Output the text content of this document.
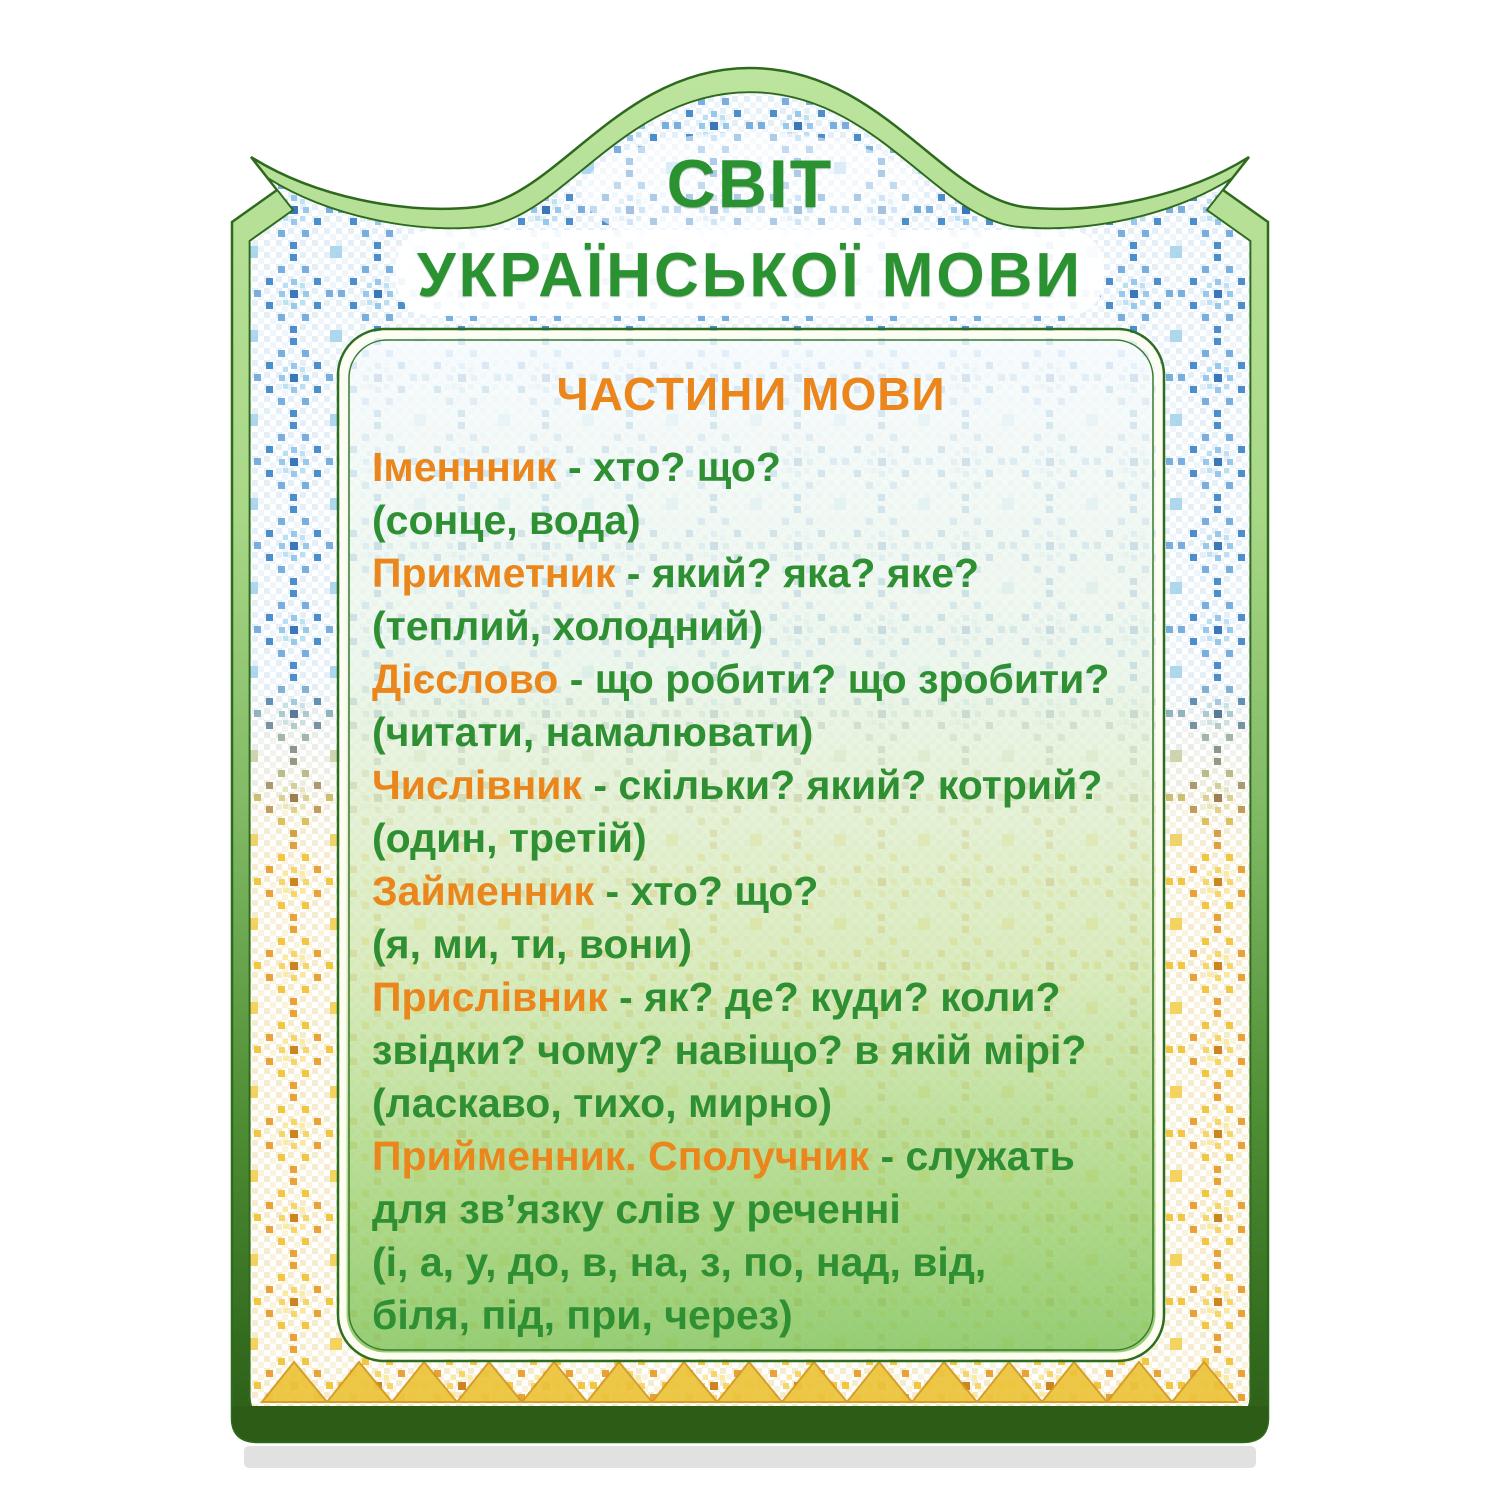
СВІТ
УКРАЇНСЬКОЇ МОВИ
ЧАСТИНИ МОВИ
Іменнник - хто? що?
(сонце, вода)
Прикметник - який? яка? яке?
(теплий, холодний)
Дієслово - що робити? що зробити?
(читати, намалювати)
Числівник - скільки? який? котрий?
(один, третій)
Займенник - хто? що?
(я, ми, ти, вони)
Прислівник - як? де? куди? коли?
звідки? чому? навіщо? в якій мірі?
(ласкаво, тихо, мирно)
Прийменник. Сполучник - служать
для зв’язку слів у реченні
(і, а, у, до, в, на, з, по, над, від,
біля, під, при, через)
